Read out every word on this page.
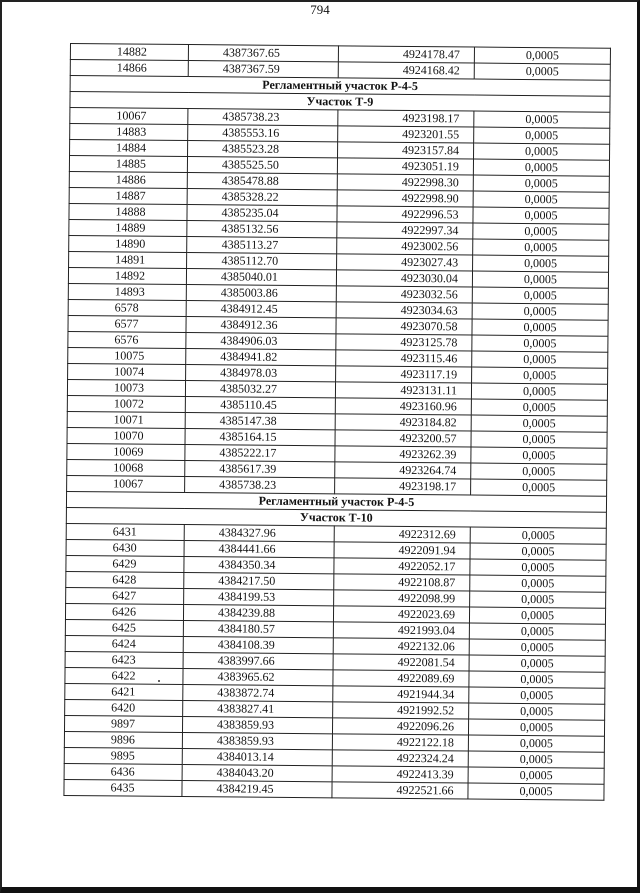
794
14882	4387367.65	4924178.47	0,0005
14866	4387367.59	4924168.42	0,0005
Регламентный участок Р-4-5			
Участок Т-9			
10067	4385738.23	4923198.17	0,0005
14883	4385553.16	4923201.55	0,0005
14884	4385523.28	4923157.84	0,0005
14885	4385525.50	4923051.19	0,0005
14886	4385478.88	4922998.30	0,0005
14887	4385328.22	4922998.90	0,0005
14888	4385235.04	4922996.53	0,0005
14889	4385132.56	4922997.34	0,0005
14890	4385113.27	4923002.56	0,0005
14891	4385112.70	4923027.43	0,0005
14892	4385040.01	4923030.04	0,0005
14893	4385003.86	4923032.56	0,0005
6578	4384912.45	4923034.63	0,0005
6577	4384912.36	4923070.58	0,0005
6576	4384906.03	4923125.78	0,0005
10075	4384941.82	4923115.46	0,0005
10074	4384978.03	4923117.19	0,0005
10073	4385032.27	4923131.11	0,0005
10072	4385110.45	4923160.96	0,0005
10071	4385147.38	4923184.82	0,0005
10070	4385164.15	4923200.57	0,0005
10069	4385222.17	4923262.39	0,0005
10068	4385617.39	4923264.74	0,0005
10067	4385738.23	4923198.17	0,0005
Регламентный участок Р-4-5			
Участок Т-10			
6431	4384327.96	4922312.69	0,0005
6430	4384441.66	4922091.94	0,0005
6429	4384350.34	4922052.17	0,0005
6428	4384217.50	4922108.87	0,0005
6427	4384199.53	4922098.99	0,0005
6426	4384239.88	4922023.69	0,0005
6425	4384180.57	4921993.04	0,0005
6424	4384108.39	4922132.06	0,0005
6423	4383997.66	4922081.54	0,0005
6422	4383965.62	4922089.69	0,0005
6421	4383872.74	4921944.34	0,0005
6420	4383827.41	4921992.52	0,0005
9897	4383859.93	4922096.26	0,0005
9896	4383859.93	4922122.18	0,0005
9895	4384013.14	4922324.24	0,0005
6436	4384043.20	4922413.39	0,0005
6435	4384219.45	4922521.66	0,0005
